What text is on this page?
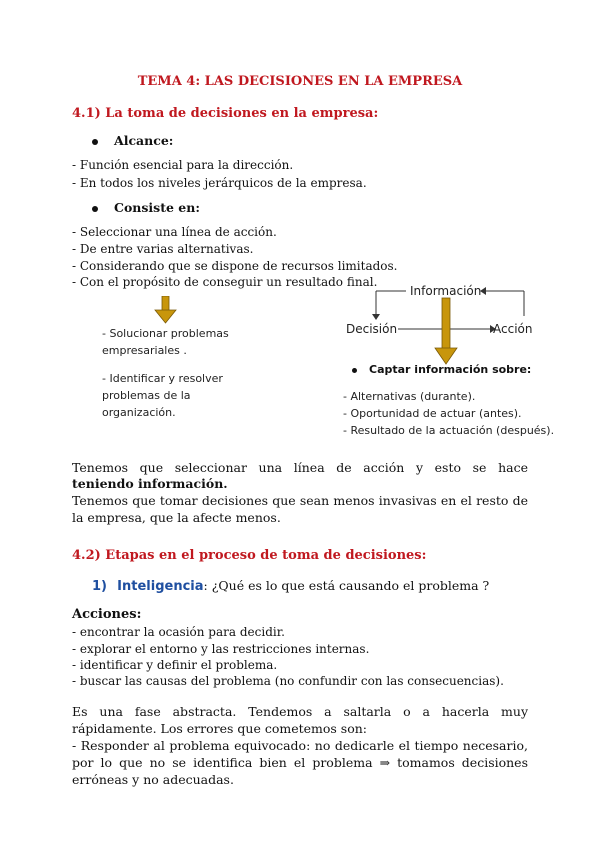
TEMA 4: LAS DECISIONES EN LA EMPRESA
4.1) La toma de decisiones en la empresa:
Alcance:
- Función esencial para la dirección.
- En todos los niveles jerárquicos de la empresa.
Consiste en:
- Seleccionar una línea de acción.
- De entre varias alternativas.
- Considerando que se dispone de recursos limitados.
- Con el propósito de conseguir un resultado final.
- Solucionar problemas
empresariales .
- Identificar y resolver
problemas de la
organización.
Información
Decisión	Acción
Captar información sobre:
- Alternativas (durante).
- Oportunidad de actuar (antes).
- Resultado de la actuación (después).
Tenemos que seleccionar una línea de acción y esto se hace
teniendo información.
Tenemos que tomar decisiones que sean menos invasivas en el resto de la empresa, que la afecte menos.
4.2) Etapas en el proceso de toma de decisiones:
1) Inteligencia: ¿Qué es lo que está causando el problema ?
Acciones:
- encontrar la ocasión para decidir.
- explorar el entorno y las restricciones internas.
- identificar y definir el problema.
- buscar las causas del problema (no confundir con las consecuencias).
Es una fase abstracta. Tendemos a saltarla o a hacerla muy rápidamente. Los errores que cometemos son:
- Responder al problema equivocado: no dedicarle el tiempo necesario, por lo que no se identifica bien el problema ⇒ tomamos decisiones erróneas y no adecuadas.
